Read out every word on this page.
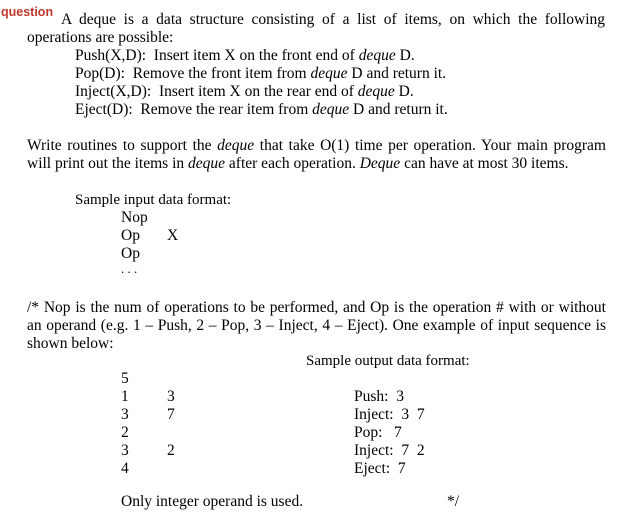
question A deque is a data structure consisting of a list of items, on which the following
operations are possible:
Push(X,D): Insert item X on the front end of deque D.
Pop(D): Remove the front item from deque D and return it.
Inject(X,D): Insert item X on the rear end of deque D.
Eject(D): Remove the rear item from deque D and return it.
Write routines to support the deque that take O(1) time per operation. Your main program
will print out the items in deque after each operation. Deque can have at most 30 items.
Sample input data format:
Nop
Op X
Op
. . .
/* Nop is the num of operations to be performed, and Op is the operation # with or without
an operand (e.g. 1 – Push, 2 – Pop, 3 – Inject, 4 – Eject). One example of input sequence is
shown below:
Sample output data format:
5
1
3
2
3
4
3
7
2
Push:  3
Inject:  3  7
Pop:   7
Inject:  7  2
Eject:  7
Only integer operand is used.	*/
